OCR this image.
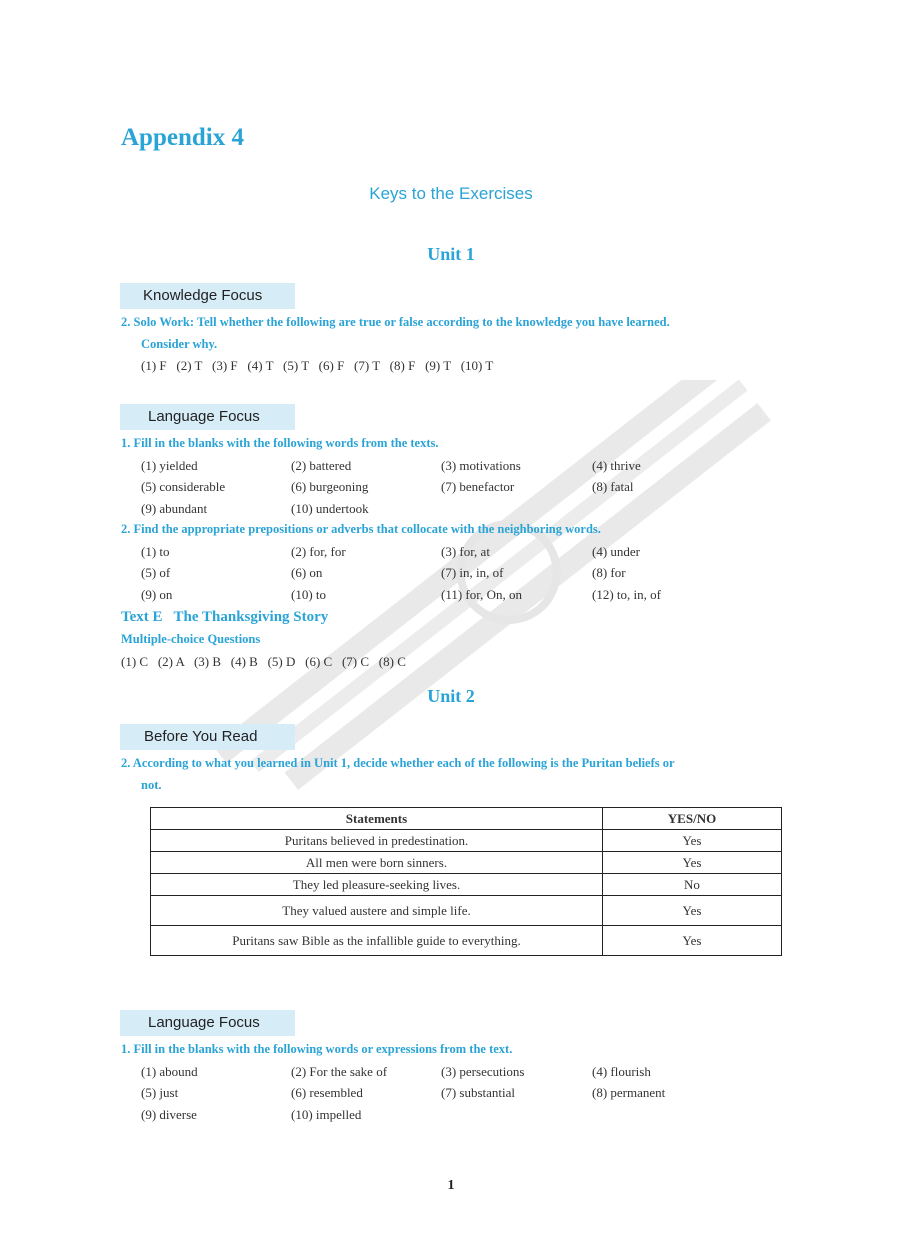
Appendix 4
Keys to the Exercises
Unit 1
Knowledge Focus
2. Solo Work: Tell whether the following are true or false according to the knowledge you have learned.
Consider why.
(1) F   (2) T   (3) F   (4) T   (5) T   (6) F   (7) T   (8) F   (9) T   (10) T
Language Focus
1. Fill in the blanks with the following words from the texts.
(1) yielded	(2) battered	(3) motivations	(4) thrive
(5) considerable	(6) burgeoning	(7) benefactor	(8) fatal
(9) abundant	(10) undertook
2. Find the appropriate prepositions or adverbs that collocate with the neighboring words.
(1) to	(2) for, for	(3) for, at	(4) under
(5) of	(6) on	(7) in, in, of	(8) for
(9) on	(10) to	(11) for, On, on	(12) to, in, of
Text E   The Thanksgiving Story
Multiple-choice Questions
(1) C   (2) A   (3) B   (4) B   (5) D   (6) C   (7) C   (8) C
Unit 2
Before You Read
2. According to what you learned in Unit 1, decide whether each of the following is the Puritan beliefs or
not.
Statements	YES/NO
Puritans believed in predestination.	Yes
All men were born sinners.	Yes
They led pleasure-seeking lives.	No
They valued austere and simple life.	Yes
Puritans saw Bible as the infallible guide to everything.	Yes
Language Focus
1. Fill in the blanks with the following words or expressions from the text.
(1) abound	(2) For the sake of	(3) persecutions	(4) flourish
(5) just	(6) resembled	(7) substantial	(8) permanent
(9) diverse	(10) impelled
1
